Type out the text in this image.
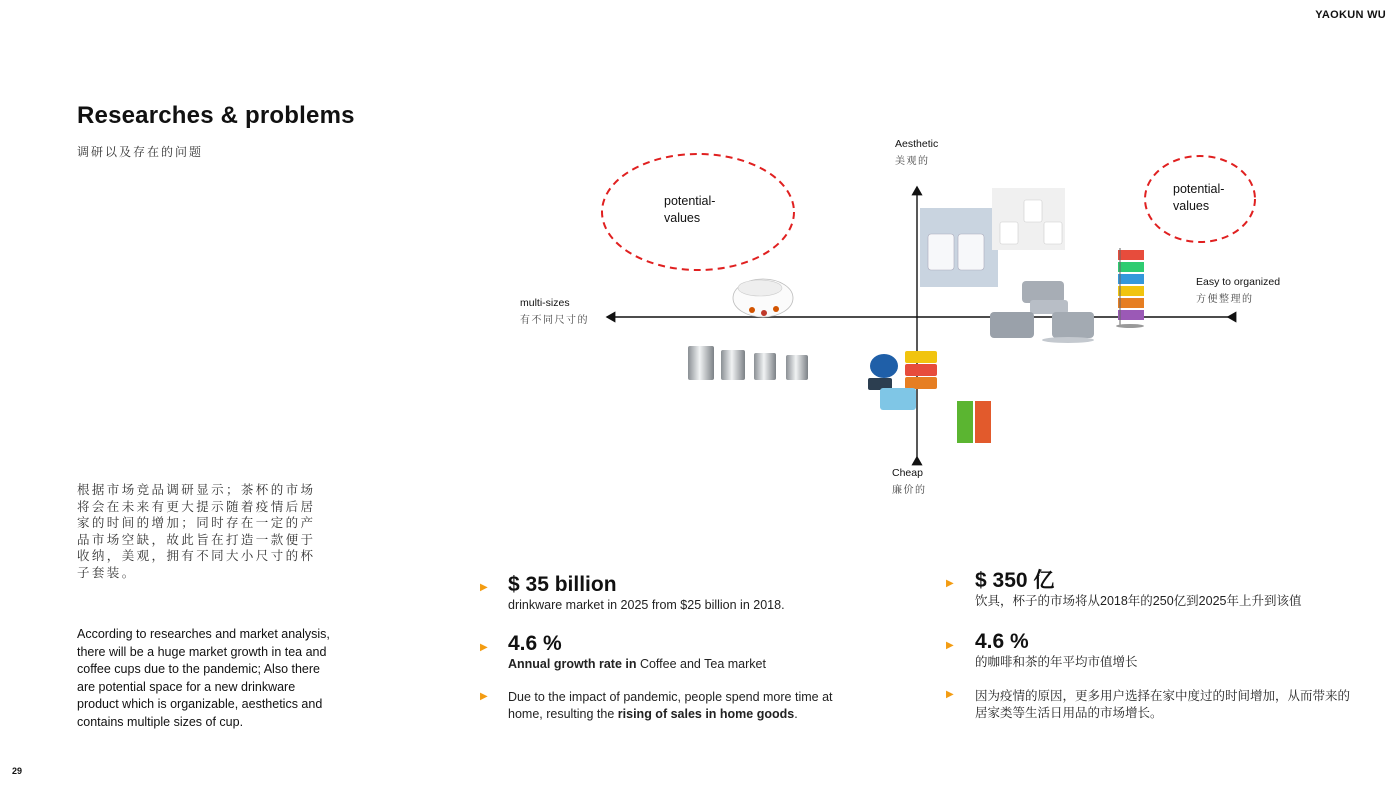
YAOKUN WU
Researches & problems
调研以及存在的问题
根据市场竞品调研显示；茶杯的市场将会在未来有更大提示随着疫情后居家的时间的增加；同时存在一定的产品市场空缺，故此旨在打造一款便于收纳，美观，拥有不同大小尺寸的杯子套装。
According to researches and market analysis, there will be a huge market growth in tea and coffee cups due to the pandemic; Also there are potential space for a new drinkware product which is organizable, aesthetics and contains multiple sizes of cup.
29
Aesthetic
美观的
Cheap
廉价的
multi-sizes
有不同尺寸的
Easy to organized
方便整理的
potential-
values
potential-
values
▶ $ 35 billion
drinkware market in 2025 from $25 billion in 2018.
▶ 4.6 %
Annual growth rate in Coffee and Tea market
▶ Due to the impact of pandemic, people spend more time at home, resulting the rising of sales in home goods.
▶ $ 350 亿
饮具，杯子的市场将从2018年的250亿到2025年上升到该值
▶ 4.6 %
的咖啡和茶的年平均市值增长
▶ 因为疫情的原因，更多用户选择在家中度过的时间增加，从而带来的居家类等生活日用品的市场增长。
